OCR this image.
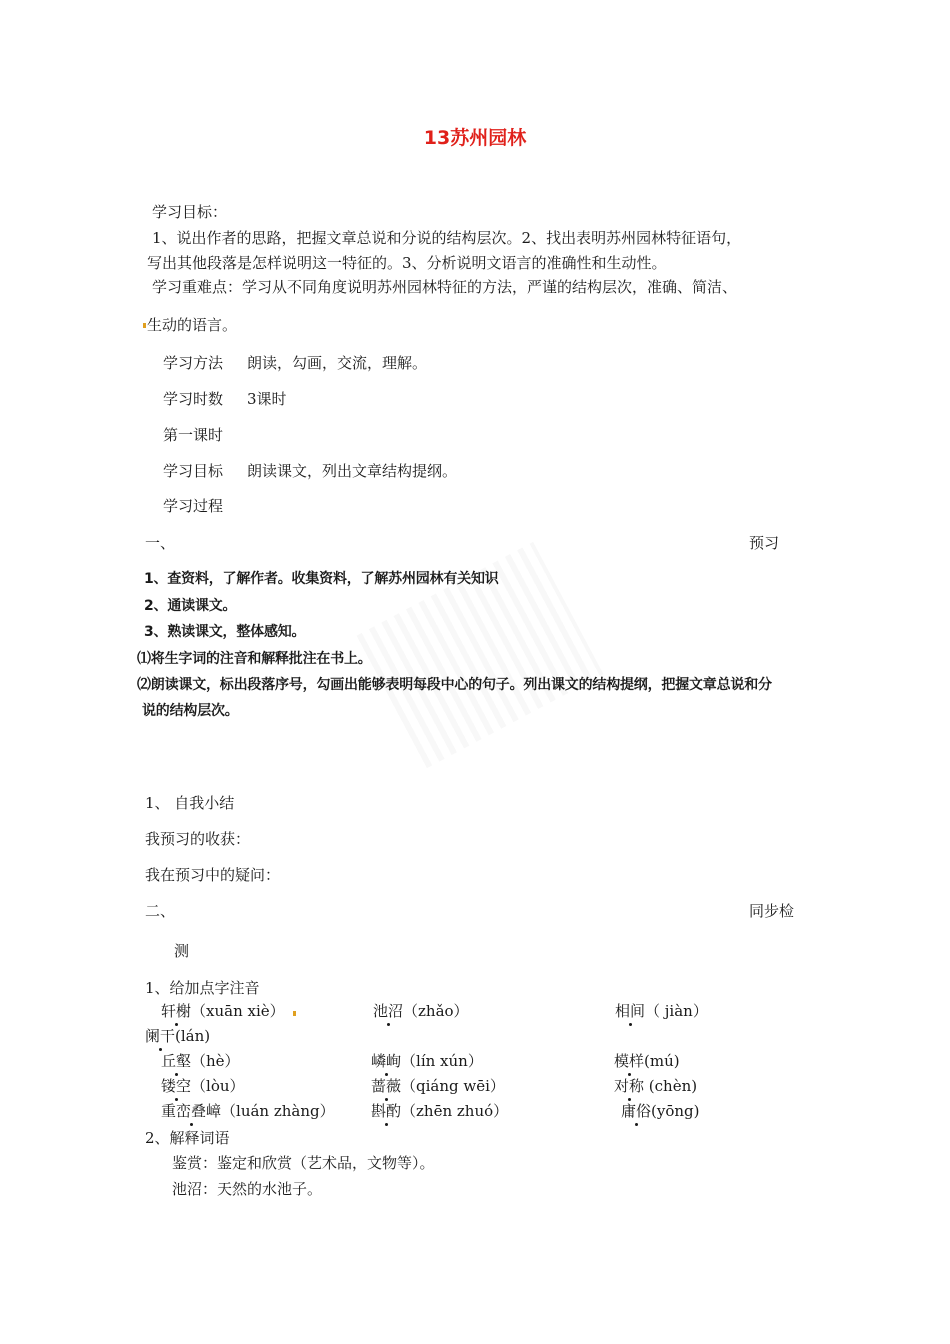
13苏州园林
学习目标：
1、说出作者的思路，把握文章总说和分说的结构层次。2、找出表明苏州园林特征语句，
写出其他段落是怎样说明这一特征的。3、分析说明文语言的准确性和生动性。
学习重难点：学习从不同角度说明苏州园林特征的方法，严谨的结构层次，准确、简洁、
生动的语言。
学习方法 朗读，勾画，交流，理解。
学习时数 3课时
第一课时
学习目标 朗读课文，列出文章结构提纲。
学习过程
一、	预习
1、查资料，了解作者。收集资料，了解苏州园林有关知识
2、通读课文。
3、熟读课文，整体感知。
⑴将生字词的注音和解释批注在书上。
⑵朗读课文，标出段落序号，勾画出能够表明每段中心的句子。列出课文的结构提纲，把握文章总说和分
说的结构层次。
1、 自我小结
我预习的收获：
我在预习中的疑问：
二、	同步检
测
1、给加点字注音
轩榭（xuān xiè）	池沼（zhǎo）	相间（ jiàn）
阑干(lán)
丘壑（hè）	嶙峋（lín xún）	模样(mú)
镂空（lòu）	蔷薇（qiáng wēi）	对称 (chèn)
重峦叠嶂（luán zhàng） 斟酌（zhēn zhuó）	庸俗(yōng)
2、解释词语
鉴赏：鉴定和欣赏（艺术品，文物等）。
池沼：天然的水池子。
